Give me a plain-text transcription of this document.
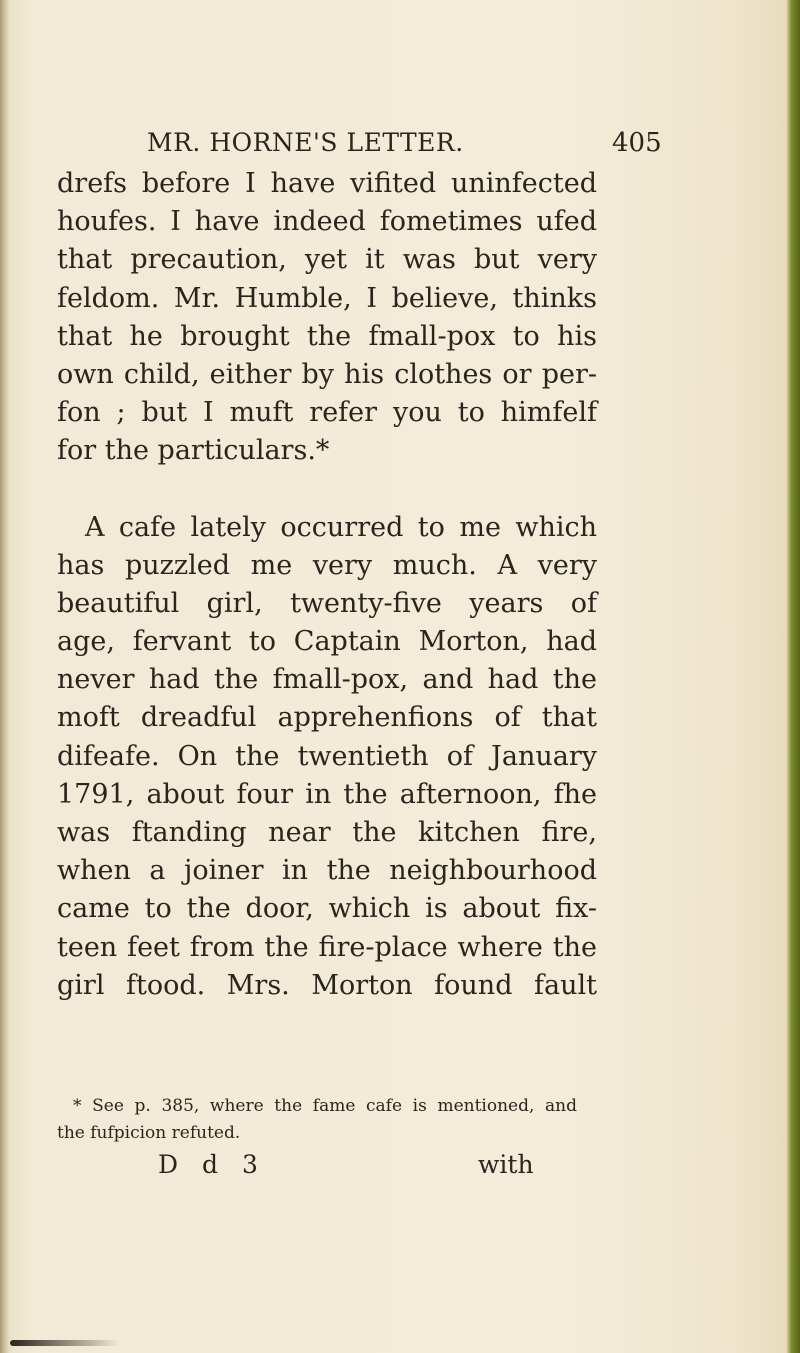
MR. HORNE'S LETTER.	405
drefs before I have vifited uninfected
houfes. I have indeed fometimes ufed
that precaution, yet it was but very
feldom. Mr. Humble, I believe, thinks
that he brought the fmall-pox to his
own child, either by his clothes or per-
fon ; but I muft refer you to himfelf
for the particulars.*
A cafe lately occurred to me which
has puzzled me very much. A very
beautiful girl, twenty-five years of
age, fervant to Captain Morton, had
never had the fmall-pox, and had the
moft dreadful apprehenfions of that
difeafe. On the twentieth of January
1791, about four in the afternoon, fhe
was ftanding near the kitchen fire,
when a joiner in the neighbourhood
came to the door, which is about fix-
teen feet from the fire-place where the
girl ftood. Mrs. Morton found fault
* See p. 385, where the fame cafe is mentioned, and
the fufpicion refuted.
D d 3	with
